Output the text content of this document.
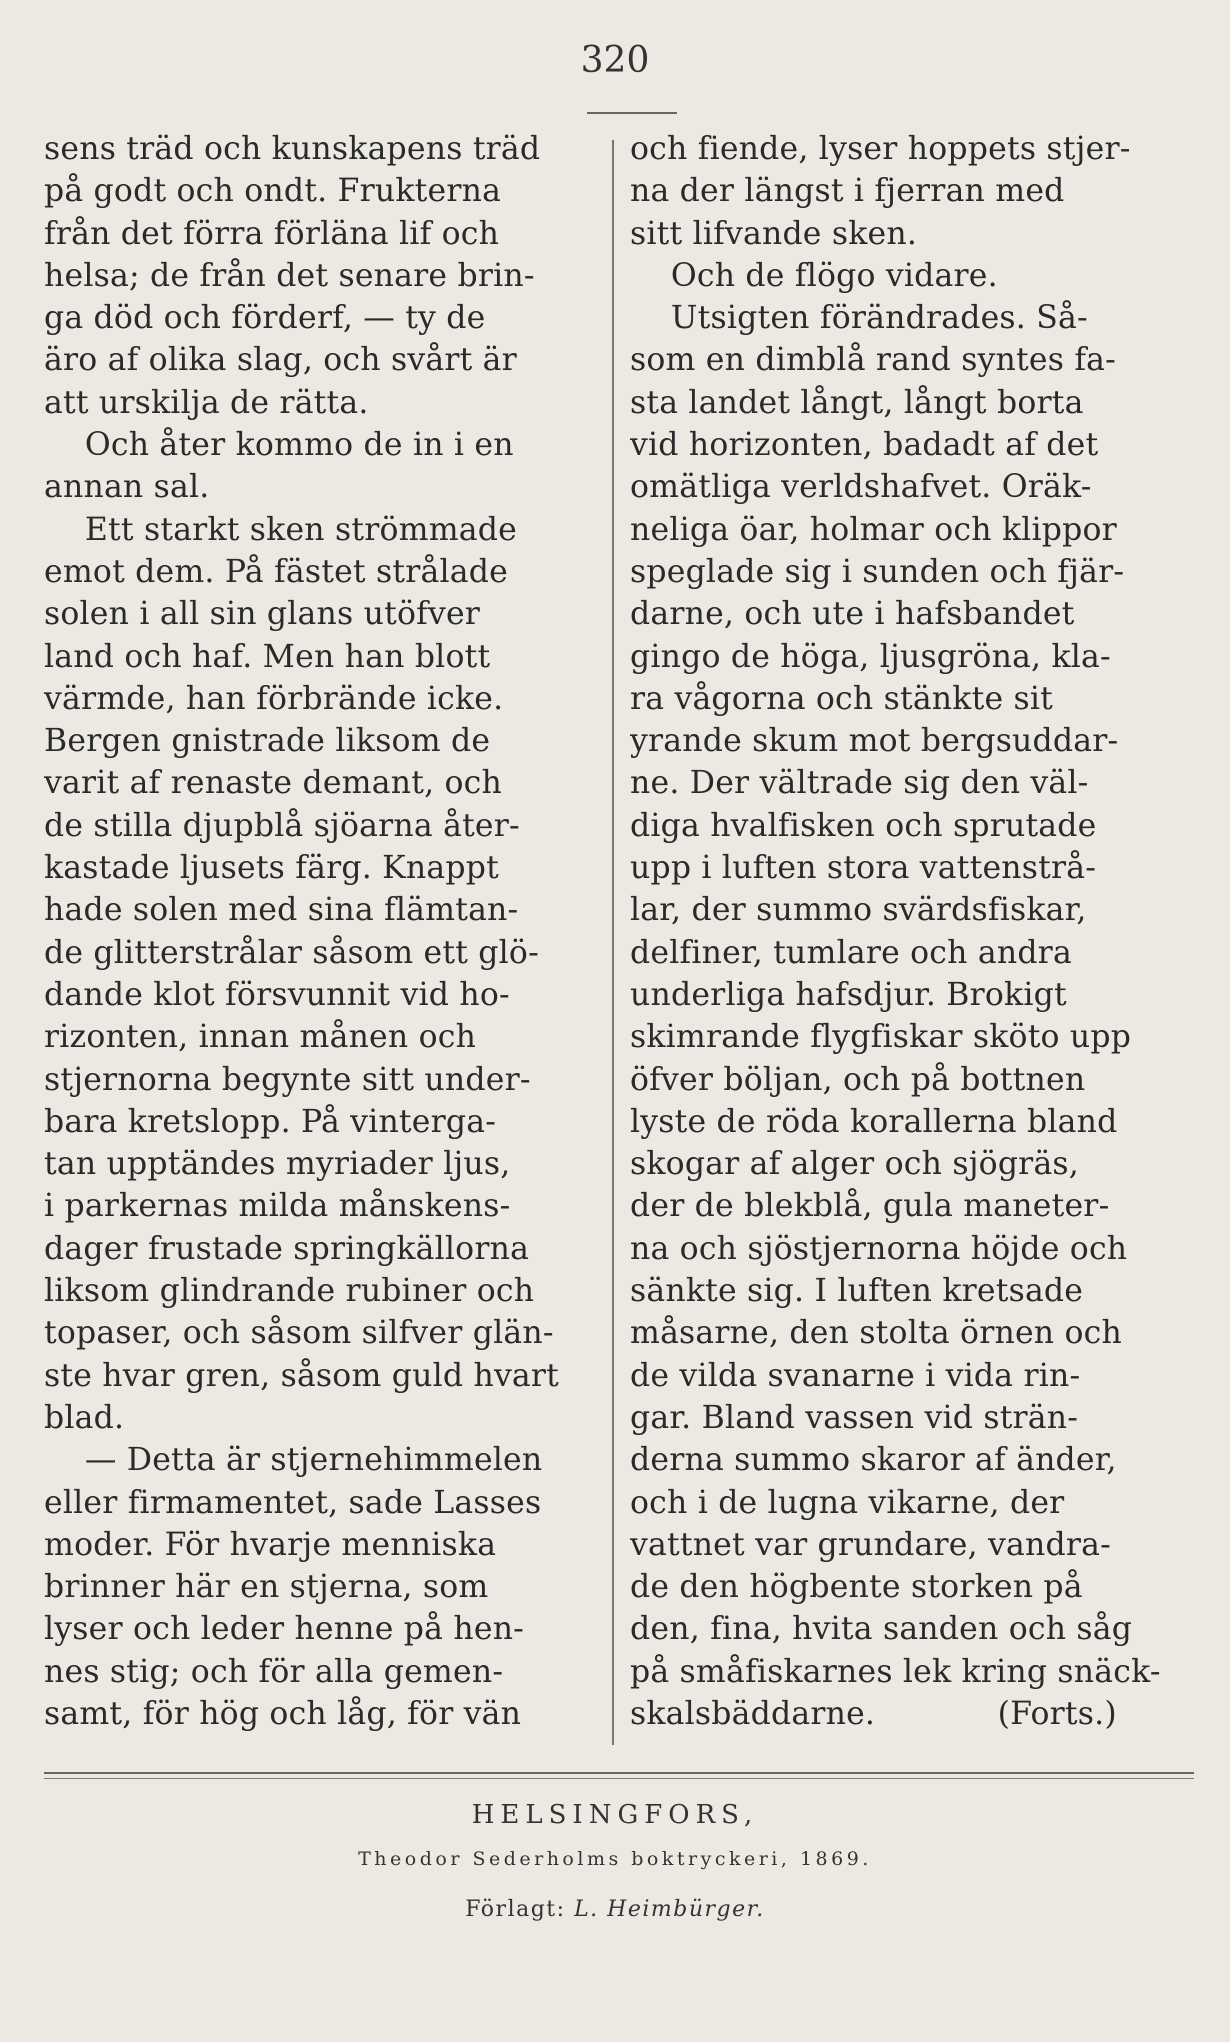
320
sens träd och kunskapens träd
på godt och ondt. Frukterna
från det förra förläna lif och
helsa; de från det senare brin-
ga död och förderf, — ty de
äro af olika slag, och svårt är
att urskilja de rätta.
Och åter kommo de in i en
annan sal.
Ett starkt sken strömmade
emot dem. På fästet strålade
solen i all sin glans utöfver
land och haf. Men han blott
värmde, han förbrände icke.
Bergen gnistrade liksom de
varit af renaste demant, och
de stilla djupblå sjöarna åter-
kastade ljusets färg. Knappt
hade solen med sina flämtan-
de glitterstrålar såsom ett glö-
dande klot försvunnit vid ho-
rizonten, innan månen och
stjernorna begynte sitt under-
bara kretslopp. På vinterga-
tan upptändes myriader ljus,
i parkernas milda månskens-
dager frustade springkällorna
liksom glindrande rubiner och
topaser, och såsom silfver glän-
ste hvar gren, såsom guld hvart
blad.
— Detta är stjernehimmelen
eller firmamentet, sade Lasses
moder. För hvarje menniska
brinner här en stjerna, som
lyser och leder henne på hen-
nes stig; och för alla gemen-
samt, för hög och låg, för vän
och fiende, lyser hoppets stjer-
na der längst i fjerran med
sitt lifvande sken.
Och de flögo vidare.
Utsigten förändrades. Så-
som en dimblå rand syntes fa-
sta landet långt, långt borta
vid horizonten, badadt af det
omätliga verldshafvet. Oräk-
neliga öar, holmar och klippor
speglade sig i sunden och fjär-
darne, och ute i hafsbandet
gingo de höga, ljusgröna, kla-
ra vågorna och stänkte sit
yrande skum mot bergsuddar-
ne. Der vältrade sig den väl-
diga hvalfisken och sprutade
upp i luften stora vattenstrå-
lar, der summo svärdsfiskar,
delfiner, tumlare och andra
underliga hafsdjur. Brokigt
skimrande flygfiskar sköto upp
öfver böljan, och på bottnen
lyste de röda korallerna bland
skogar af alger och sjögräs,
der de blekblå, gula maneter-
na och sjöstjernorna höjde och
sänkte sig. I luften kretsade
måsarne, den stolta örnen och
de vilda svanarne i vida rin-
gar. Bland vassen vid strän-
derna summo skaror af änder,
och i de lugna vikarne, der
vattnet var grundare, vandra-
de den högbente storken på
den, fina, hvita sanden och såg
på småfiskarnes lek kring snäck-
skalsbäddarne.            (Forts.)
HELSINGFORS,
Theodor Sederholms boktryckeri, 1869.
Förlagt: L. Heimbürger.
